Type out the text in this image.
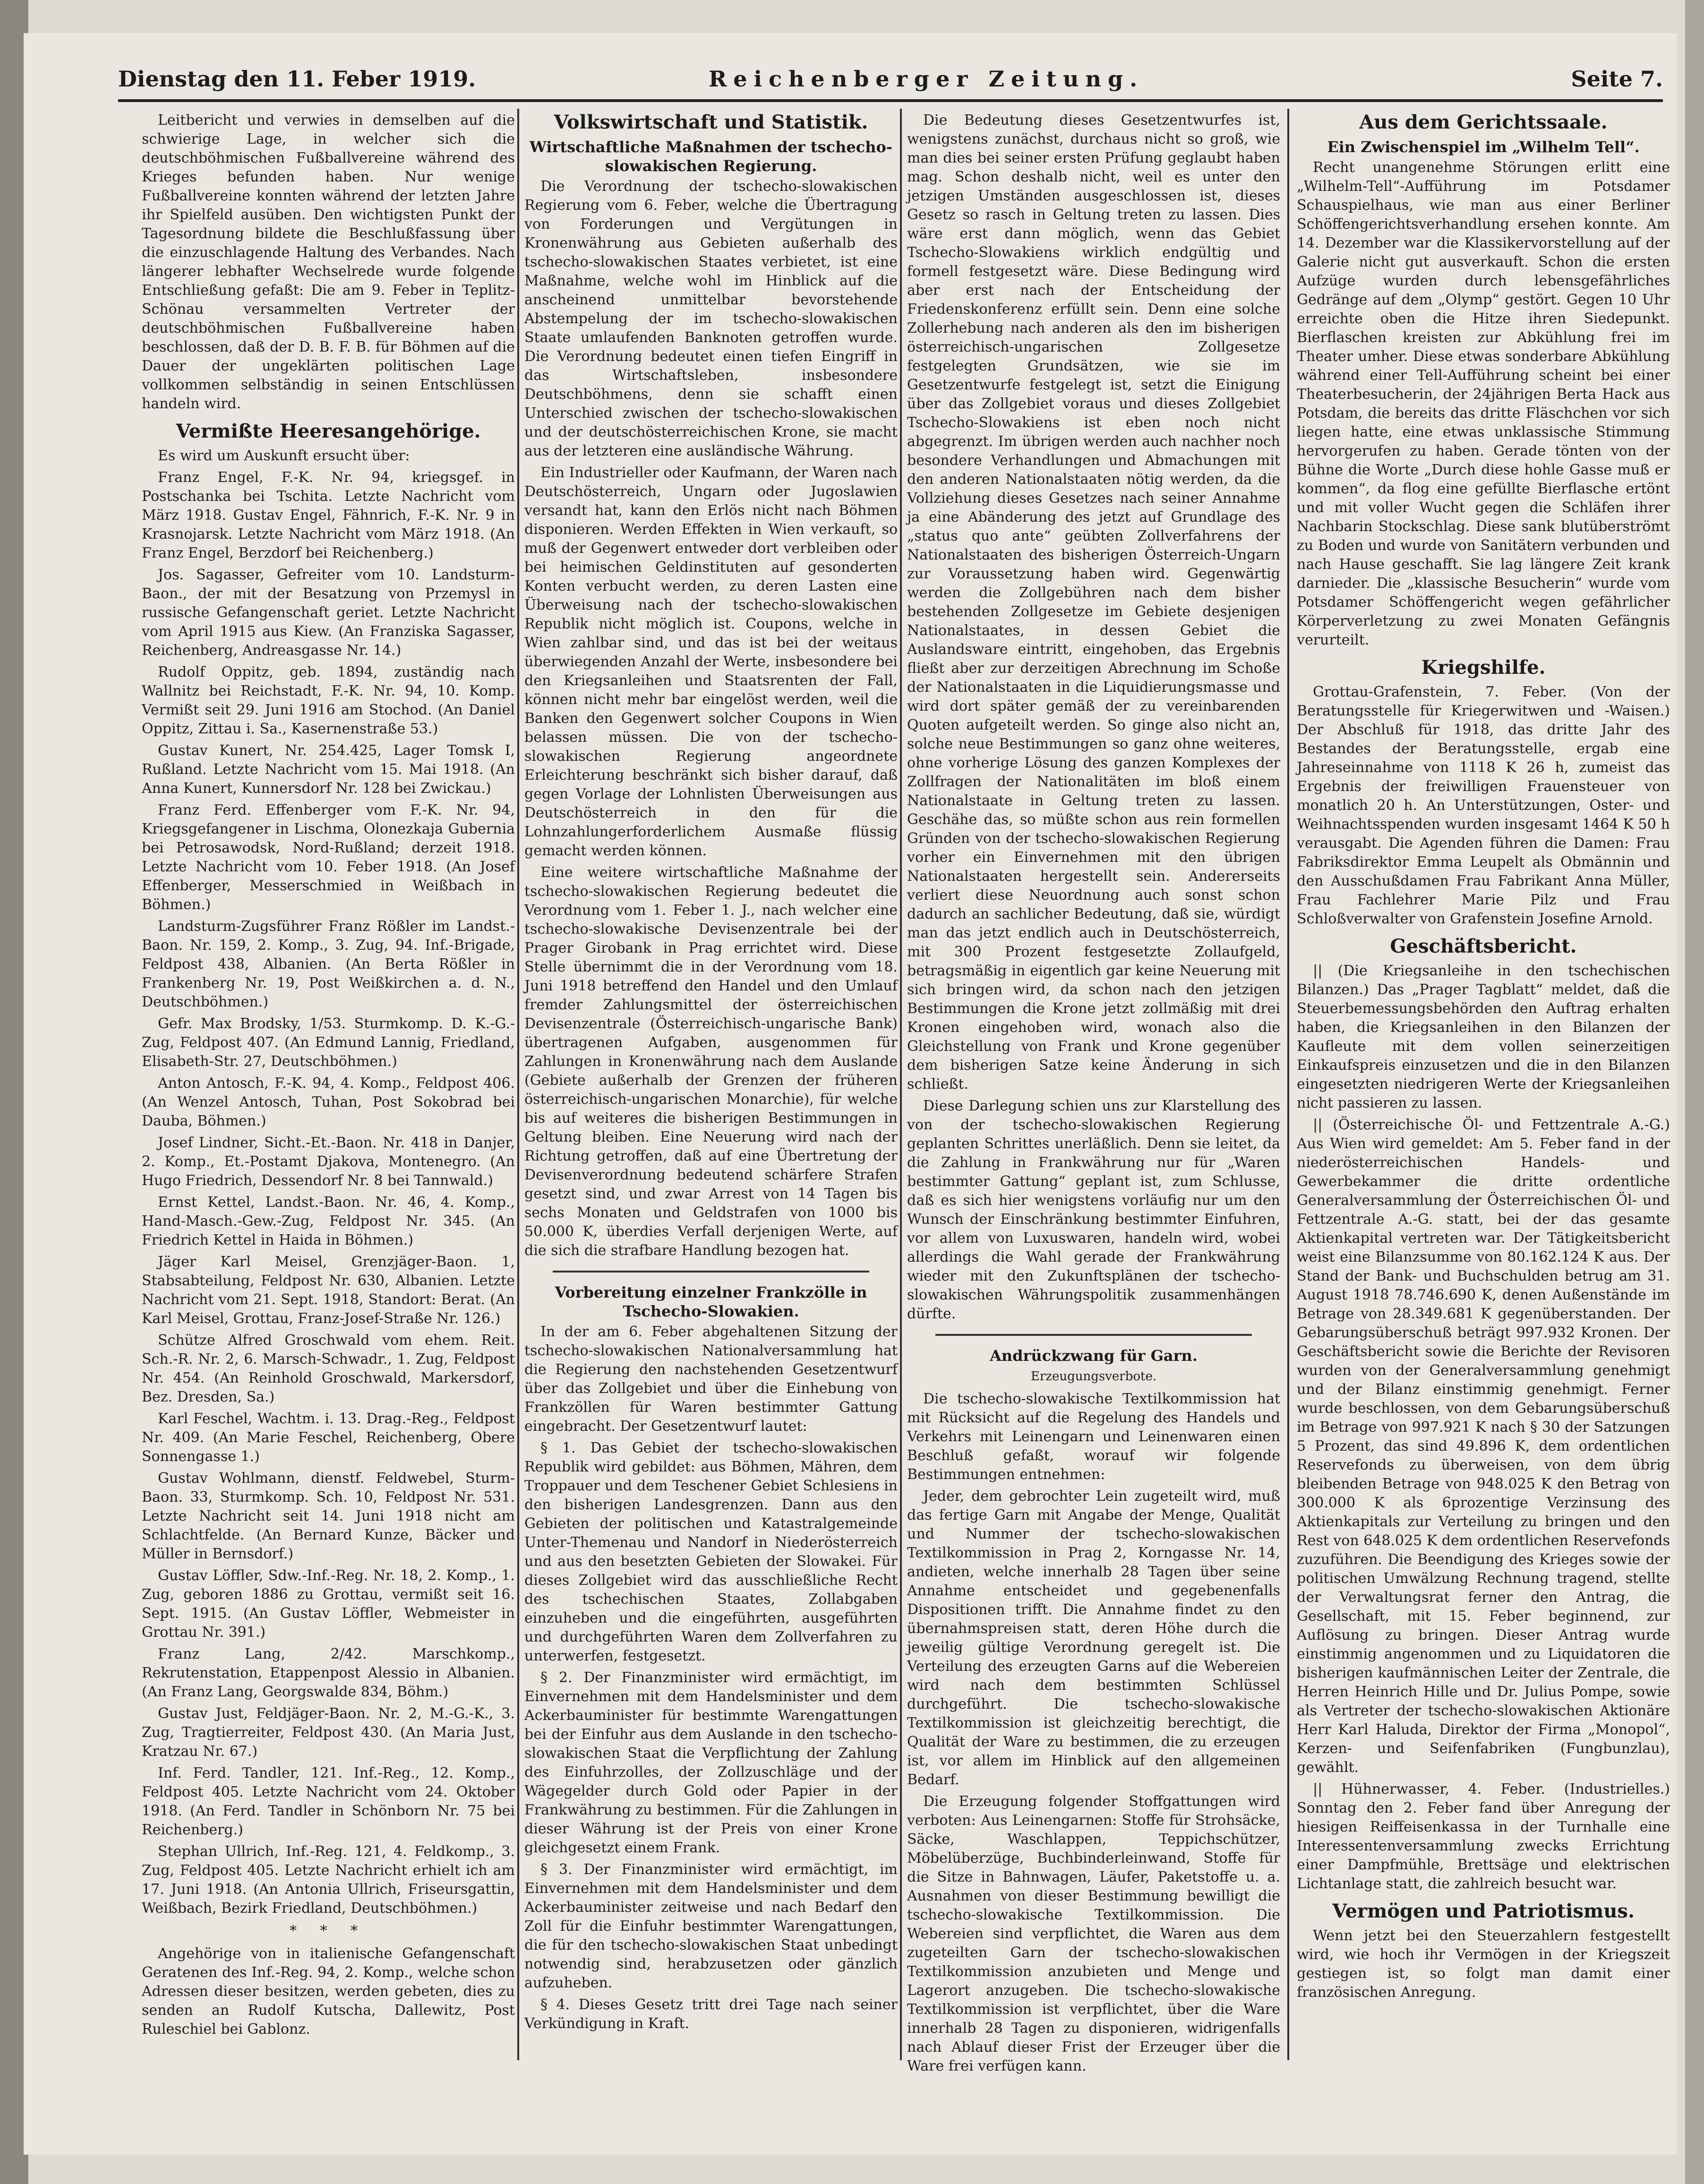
Dienstag den 11. Feber 1919.	Reichenberger Zeitung.	Seite 7.

Leitbericht und verwies in demselben auf die schwierige Lage, in welcher sich die deutschböhmischen Fußballvereine während des Krieges befunden haben. Nur wenige Fußballvereine konnten während der letzten Jahre ihr Spielfeld ausüben. Den wichtigsten Punkt der Tagesordnung bildete die Beschlußfassung über die einzuschlagende Haltung des Verbandes. Nach längerer lebhafter Wechselrede wurde folgende Entschließung gefaßt: Die am 9. Feber in Teplitz-Schönau versammelten Vertreter der deutschböhmischen Fußballvereine haben beschlossen, daß der D. B. F. B. für Böhmen auf die Dauer der ungeklärten politischen Lage vollkommen selbständig in seinen Entschlüssen handeln wird.

Vermißte Heeresangehörige.

Es wird um Auskunft ersucht über:

Franz Engel, F.-K. Nr. 94, kriegsgef. in Postschanka bei Tschita. Letzte Nachricht vom März 1918. Gustav Engel, Fähnrich, F.-K. Nr. 9 in Krasnojarsk. Letzte Nachricht vom März 1918. (An Franz Engel, Berzdorf bei Reichenberg.)

Jos. Sagasser, Gefreiter vom 10. Landsturm-Baon., der mit der Besatzung von Przemysl in russische Gefangenschaft geriet. Letzte Nachricht vom April 1915 aus Kiew. (An Franziska Sagasser, Reichenberg, Andreasgasse Nr. 14.)

Rudolf Oppitz, geb. 1894, zuständig nach Wallnitz bei Reichstadt, F.-K. Nr. 94, 10. Komp. Vermißt seit 29. Juni 1916 am Stochod. (An Daniel Oppitz, Zittau i. Sa., Kasernenstraße 53.)

Gustav Kunert, Nr. 254.425, Lager Tomsk I, Rußland. Letzte Nachricht vom 15. Mai 1918. (An Anna Kunert, Kunnersdorf Nr. 128 bei Zwickau.)

Franz Ferd. Effenberger vom F.-K. Nr. 94, Kriegsgefangener in Lischma, Olonezkaja Gubernia bei Petrosawodsk, Nord-Rußland; derzeit 1918. Letzte Nachricht vom 10. Feber 1918. (An Josef Effenberger, Messerschmied in Weißbach in Böhmen.)

Landsturm-Zugsführer Franz Rößler im Landst.-Baon. Nr. 159, 2. Komp., 3. Zug, 94. Inf.-Brigade, Feldpost 438, Albanien. (An Berta Rößler in Frankenberg Nr. 19, Post Weißkirchen a. d. N., Deutschböhmen.)

Gefr. Max Brodsky, 1/53. Sturmkomp. D. K.-G.-Zug, Feldpost 407. (An Edmund Lannig, Friedland, Elisabeth-Str. 27, Deutschböhmen.)

Anton Antosch, F.-K. 94, 4. Komp., Feldpost 406. (An Wenzel Antosch, Tuhan, Post Sokobrad bei Dauba, Böhmen.)

Josef Lindner, Sicht.-Et.-Baon. Nr. 418 in Danjer, 2. Komp., Et.-Postamt Djakova, Montenegro. (An Hugo Friedrich, Dessendorf Nr. 8 bei Tannwald.)

Ernst Kettel, Landst.-Baon. Nr. 46, 4. Komp., Hand-Masch.-Gew.-Zug, Feldpost Nr. 345. (An Friedrich Kettel in Haida in Böhmen.)

Jäger Karl Meisel, Grenzjäger-Baon. 1, Stabsabteilung, Feldpost Nr. 630, Albanien. Letzte Nachricht vom 21. Sept. 1918, Standort: Berat. (An Karl Meisel, Grottau, Franz-Josef-Straße Nr. 126.)

Schütze Alfred Groschwald vom ehem. Reit. Sch.-R. Nr. 2, 6. Marsch-Schwadr., 1. Zug, Feldpost Nr. 454. (An Reinhold Groschwald, Markersdorf, Bez. Dresden, Sa.)

Karl Feschel, Wachtm. i. 13. Drag.-Reg., Feldpost Nr. 409. (An Marie Feschel, Reichenberg, Obere Sonnengasse 1.)

Gustav Wohlmann, dienstf. Feldwebel, Sturm-Baon. 33, Sturmkomp. Sch. 10, Feldpost Nr. 531. Letzte Nachricht seit 14. Juni 1918 nicht am Schlachtfelde. (An Bernard Kunze, Bäcker und Müller in Bernsdorf.)

Gustav Löffler, Sdw.-Inf.-Reg. Nr. 18, 2. Komp., 1. Zug, geboren 1886 zu Grottau, vermißt seit 16. Sept. 1915. (An Gustav Löffler, Webmeister in Grottau Nr. 391.)

Franz Lang, 2/42. Marschkomp., Rekrutenstation, Etappenpost Alessio in Albanien. (An Franz Lang, Georgswalde 834, Böhm.)

Gustav Just, Feldjäger-Baon. Nr. 2, M.-G.-K., 3. Zug, Tragtierreiter, Feldpost 430. (An Maria Just, Kratzau Nr. 67.)

Inf. Ferd. Tandler, 121. Inf.-Reg., 12. Komp., Feldpost 405. Letzte Nachricht vom 24. Oktober 1918. (An Ferd. Tandler in Schönborn Nr. 75 bei Reichenberg.)

Stephan Ullrich, Inf.-Reg. 121, 4. Feldkomp., 3. Zug, Feldpost 405. Letzte Nachricht erhielt ich am 17. Juni 1918. (An Antonia Ullrich, Friseursgattin, Weißbach, Bezirk Friedland, Deutschböhmen.)

* * *

Angehörige von in italienische Gefangenschaft Geratenen des Inf.-Reg. 94, 2. Komp., welche schon Adressen dieser besitzen, werden gebeten, dies zu senden an Rudolf Kutscha, Dallewitz, Post Ruleschiel bei Gablonz.

Volkswirtschaft und Statistik.
Wirtschaftliche Maßnahmen der tschecho-slowakischen Regierung.

Die Verordnung der tschecho-slowakischen Regierung vom 6. Feber, welche die Übertragung von Forderungen und Vergütungen in Kronenwährung aus Gebieten außerhalb des tschecho-slowakischen Staates verbietet, ist eine Maßnahme, welche wohl im Hinblick auf die anscheinend unmittelbar bevorstehende Abstempelung der im tschecho-slowakischen Staate umlaufenden Banknoten getroffen wurde. Die Verordnung bedeutet einen tiefen Eingriff in das Wirtschaftsleben, insbesondere Deutschböhmens, denn sie schafft einen Unterschied zwischen der tschecho-slowakischen und der deutschösterreichischen Krone, sie macht aus der letzteren eine ausländische Währung.

Ein Industrieller oder Kaufmann, der Waren nach Deutschösterreich, Ungarn oder Jugoslawien versandt hat, kann den Erlös nicht nach Böhmen disponieren. Werden Effekten in Wien verkauft, so muß der Gegenwert entweder dort verbleiben oder bei heimischen Geldinstituten auf gesonderten Konten verbucht werden, zu deren Lasten eine Überweisung nach der tschecho-slowakischen Republik nicht möglich ist. Coupons, welche in Wien zahlbar sind, und das ist bei der weitaus überwiegenden Anzahl der Werte, insbesondere bei den Kriegsanleihen und Staatsrenten der Fall, können nicht mehr bar eingelöst werden, weil die Banken den Gegenwert solcher Coupons in Wien belassen müssen. Die von der tschecho-slowakischen Regierung angeordnete Erleichterung beschränkt sich bisher darauf, daß gegen Vorlage der Lohnlisten Überweisungen aus Deutschösterreich in den für die Lohnzahlungerforderlichem Ausmaße flüssig gemacht werden können.

Eine weitere wirtschaftliche Maßnahme der tschecho-slowakischen Regierung bedeutet die Verordnung vom 1. Feber 1. J., nach welcher eine tschecho-slowakische Devisenzentrale bei der Prager Girobank in Prag errichtet wird. Diese Stelle übernimmt die in der Verordnung vom 18. Juni 1918 betreffend den Handel und den Umlauf fremder Zahlungsmittel der österreichischen Devisenzentrale (Österreichisch-ungarische Bank) übertragenen Aufgaben, ausgenommen für Zahlungen in Kronenwährung nach dem Auslande (Gebiete außerhalb der Grenzen der früheren österreichisch-ungarischen Monarchie), für welche bis auf weiteres die bisherigen Bestimmungen in Geltung bleiben. Eine Neuerung wird nach der Richtung getroffen, daß auf eine Übertretung der Devisenverordnung bedeutend schärfere Strafen gesetzt sind, und zwar Arrest von 14 Tagen bis sechs Monaten und Geldstrafen von 1000 bis 50.000 K, überdies Verfall derjenigen Werte, auf die sich die strafbare Handlung bezogen hat.

Vorbereitung einzelner Frankzölle in Tschecho-Slowakien.

In der am 6. Feber abgehaltenen Sitzung der tschecho-slowakischen Nationalversammlung hat die Regierung den nachstehenden Gesetzentwurf über das Zollgebiet und über die Einhebung von Frankzöllen für Waren bestimmter Gattung eingebracht. Der Gesetzentwurf lautet:

§ 1. Das Gebiet der tschecho-slowakischen Republik wird gebildet: aus Böhmen, Mähren, dem Troppauer und dem Teschener Gebiet Schlesiens in den bisherigen Landesgrenzen. Dann aus den Gebieten der politischen und Katastralgemeinde Unter-Themenau und Nandorf in Niederösterreich und aus den besetzten Gebieten der Slowakei. Für dieses Zollgebiet wird das ausschließliche Recht des tschechischen Staates, Zollabgaben einzuheben und die eingeführten, ausgeführten und durchgeführten Waren dem Zollverfahren zu unterwerfen, festgesetzt.

§ 2. Der Finanzminister wird ermächtigt, im Einvernehmen mit dem Handelsminister und dem Ackerbauminister für bestimmte Warengattungen bei der Einfuhr aus dem Auslande in den tschecho-slowakischen Staat die Verpflichtung der Zahlung des Einfuhrzolles, der Zollzuschläge und der Wägegelder durch Gold oder Papier in der Frankwährung zu bestimmen. Für die Zahlungen in dieser Währung ist der Preis von einer Krone gleichgesetzt einem Frank.

§ 3. Der Finanzminister wird ermächtigt, im Einvernehmen mit dem Handelsminister und dem Ackerbauminister zeitweise und nach Bedarf den Zoll für die Einfuhr bestimmter Warengattungen, die für den tschecho-slowakischen Staat unbedingt notwendig sind, herabzusetzen oder gänzlich aufzuheben.

§ 4. Dieses Gesetz tritt drei Tage nach seiner Verkündigung in Kraft.

Die Bedeutung dieses Gesetzentwurfes ist, wenigstens zunächst, durchaus nicht so groß, wie man dies bei seiner ersten Prüfung geglaubt haben mag. Schon deshalb nicht, weil es unter den jetzigen Umständen ausgeschlossen ist, dieses Gesetz so rasch in Geltung treten zu lassen. Dies wäre erst dann möglich, wenn das Gebiet Tschecho-Slowakiens wirklich endgültig und formell festgesetzt wäre. Diese Bedingung wird aber erst nach der Entscheidung der Friedenskonferenz erfüllt sein. Denn eine solche Zollerhebung nach anderen als den im bisherigen österreichisch-ungarischen Zollgesetze festgelegten Grundsätzen, wie sie im Gesetzentwurfe festgelegt ist, setzt die Einigung über das Zollgebiet voraus und dieses Zollgebiet Tschecho-Slowakiens ist eben noch nicht abgegrenzt. Im übrigen werden auch nachher noch besondere Verhandlungen und Abmachungen mit den anderen Nationalstaaten nötig werden, da die Vollziehung dieses Gesetzes nach seiner Annahme ja eine Abänderung des jetzt auf Grundlage des „status quo ante“ geübten Zollverfahrens der Nationalstaaten des bisherigen Österreich-Ungarn zur Voraussetzung haben wird. Gegenwärtig werden die Zollgebühren nach dem bisher bestehenden Zollgesetze im Gebiete desjenigen Nationalstaates, in dessen Gebiet die Auslandsware eintritt, eingehoben, das Ergebnis fließt aber zur derzeitigen Abrechnung im Schoße der Nationalstaaten in die Liquidierungsmasse und wird dort später gemäß der zu vereinbarenden Quoten aufgeteilt werden. So ginge also nicht an, solche neue Bestimmungen so ganz ohne weiteres, ohne vorherige Lösung des ganzen Komplexes der Zollfragen der Nationalitäten im bloß einem Nationalstaate in Geltung treten zu lassen. Geschähe das, so müßte schon aus rein formellen Gründen von der tschecho-slowakischen Regierung vorher ein Einvernehmen mit den übrigen Nationalstaaten hergestellt sein. Andererseits verliert diese Neuordnung auch sonst schon dadurch an sachlicher Bedeutung, daß sie, würdigt man das jetzt endlich auch in Deutschösterreich, mit 300 Prozent festgesetzte Zollaufgeld, betragsmäßig in eigentlich gar keine Neuerung mit sich bringen wird, da schon nach den jetzigen Bestimmungen die Krone jetzt zollmäßig mit drei Kronen eingehoben wird, wonach also die Gleichstellung von Frank und Krone gegenüber dem bisherigen Satze keine Änderung in sich schließt.

Diese Darlegung schien uns zur Klarstellung des von der tschecho-slowakischen Regierung geplanten Schrittes unerläßlich. Denn sie leitet, da die Zahlung in Frankwährung nur für „Waren bestimmter Gattung“ geplant ist, zum Schlusse, daß es sich hier wenigstens vorläufig nur um den Wunsch der Einschränkung bestimmter Einfuhren, vor allem von Luxuswaren, handeln wird, wobei allerdings die Wahl gerade der Frankwährung wieder mit den Zukunftsplänen der tschecho-slowakischen Währungspolitik zusammenhängen dürfte.

Andrückzwang für Garn.
Erzeugungsverbote.

Die tschecho-slowakische Textilkommission hat mit Rücksicht auf die Regelung des Handels und Verkehrs mit Leinengarn und Leinenwaren einen Beschluß gefaßt, worauf wir folgende Bestimmungen entnehmen:

Jeder, dem gebrochter Lein zugeteilt wird, muß das fertige Garn mit Angabe der Menge, Qualität und Nummer der tschecho-slowakischen Textilkommission in Prag 2, Korngasse Nr. 14, andieten, welche innerhalb 28 Tagen über seine Annahme entscheidet und gegebenenfalls Dispositionen trifft. Die Annahme findet zu den übernahmspreisen statt, deren Höhe durch die jeweilig gültige Verordnung geregelt ist. Die Verteilung des erzeugten Garns auf die Webereien wird nach dem bestimmten Schlüssel durchgeführt. Die tschecho-slowakische Textilkommission ist gleichzeitig berechtigt, die Qualität der Ware zu bestimmen, die zu erzeugen ist, vor allem im Hinblick auf den allgemeinen Bedarf.

Die Erzeugung folgender Stoffgattungen wird verboten: Aus Leinengarnen: Stoffe für Strohsäcke, Säcke, Waschlappen, Teppichschützer, Möbelüberzüge, Buchbinderleinwand, Stoffe für die Sitze in Bahnwagen, Läufer, Paketstoffe u. a. Ausnahmen von dieser Bestimmung bewilligt die tschecho-slowakische Textilkommission. Die Webereien sind verpflichtet, die Waren aus dem zugeteilten Garn der tschecho-slowakischen Textilkommission anzubieten und Menge und Lagerort anzugeben. Die tschecho-slowakische Textilkommission ist verpflichtet, über die Ware innerhalb 28 Tagen zu disponieren, widrigenfalls nach Ablauf dieser Frist der Erzeuger über die Ware frei verfügen kann.

Aus dem Gerichtssaale.
Ein Zwischenspiel im „Wilhelm Tell“.

Recht unangenehme Störungen erlitt eine „Wilhelm-Tell“-Aufführung im Potsdamer Schauspielhaus, wie man aus einer Berliner Schöffengerichtsverhandlung ersehen konnte. Am 14. Dezember war die Klassikervorstellung auf der Galerie nicht gut ausverkauft. Schon die ersten Aufzüge wurden durch lebensgefährliches Gedränge auf dem „Olymp“ gestört. Gegen 10 Uhr erreichte oben die Hitze ihren Siedepunkt. Bierflaschen kreisten zur Abkühlung frei im Theater umher. Diese etwas sonderbare Abkühlung während einer Tell-Aufführung scheint bei einer Theaterbesucherin, der 24jährigen Berta Hack aus Potsdam, die bereits das dritte Fläschchen vor sich liegen hatte, eine etwas unklassische Stimmung hervorgerufen zu haben. Gerade tönten von der Bühne die Worte „Durch diese hohle Gasse muß er kommen“, da flog eine gefüllte Bierflasche ertönt und mit voller Wucht gegen die Schläfen ihrer Nachbarin Stockschlag. Diese sank blutüberströmt zu Boden und wurde von Sanitätern verbunden und nach Hause geschafft. Sie lag längere Zeit krank darnieder. Die „klassische Besucherin“ wurde vom Potsdamer Schöffengericht wegen gefährlicher Körperverletzung zu zwei Monaten Gefängnis verurteilt.

Kriegshilfe.

Grottau-Grafenstein, 7. Feber. (Von der Beratungsstelle für Kriegerwitwen und -Waisen.) Der Abschluß für 1918, das dritte Jahr des Bestandes der Beratungsstelle, ergab eine Jahreseinnahme von 1118 K 26 h, zumeist das Ergebnis der freiwilligen Frauensteuer von monatlich 20 h. An Unterstützungen, Oster- und Weihnachtsspenden wurden insgesamt 1464 K 50 h verausgabt. Die Agenden führen die Damen: Frau Fabriksdirektor Emma Leupelt als Obmännin und den Ausschußdamen Frau Fabrikant Anna Müller, Frau Fachlehrer Marie Pilz und Frau Schloßverwalter von Grafenstein Josefine Arnold.

Geschäftsbericht.

|| (Die Kriegsanleihe in den tschechischen Bilanzen.) Das „Prager Tagblatt“ meldet, daß die Steuerbemessungsbehörden den Auftrag erhalten haben, die Kriegsanleihen in den Bilanzen der Kaufleute mit dem vollen seinerzeitigen Einkaufspreis einzusetzen und die in den Bilanzen eingesetzten niedrigeren Werte der Kriegsanleihen nicht passieren zu lassen.

|| (Österreichische Öl- und Fettzentrale A.-G.) Aus Wien wird gemeldet: Am 5. Feber fand in der niederösterreichischen Handels- und Gewerbekammer die dritte ordentliche Generalversammlung der Österreichischen Öl- und Fettzentrale A.-G. statt, bei der das gesamte Aktienkapital vertreten war. Der Tätigkeitsbericht weist eine Bilanzsumme von 80.162.124 K aus. Der Stand der Bank- und Buchschulden betrug am 31. August 1918 78.746.690 K, denen Außenstände im Betrage von 28.349.681 K gegenüberstanden. Der Gebarungsüberschuß beträgt 997.932 Kronen. Der Geschäftsbericht sowie die Berichte der Revisoren wurden von der Generalversammlung genehmigt und der Bilanz einstimmig genehmigt. Ferner wurde beschlossen, von dem Gebarungsüberschuß im Betrage von 997.921 K nach § 30 der Satzungen 5 Prozent, das sind 49.896 K, dem ordentlichen Reservefonds zu überweisen, von dem übrig bleibenden Betrage von 948.025 K den Betrag von 300.000 K als 6prozentige Verzinsung des Aktienkapitals zur Verteilung zu bringen und den Rest von 648.025 K dem ordentlichen Reservefonds zuzuführen. Die Beendigung des Krieges sowie der politischen Umwälzung Rechnung tragend, stellte der Verwaltungsrat ferner den Antrag, die Gesellschaft, mit 15. Feber beginnend, zur Auflösung zu bringen. Dieser Antrag wurde einstimmig angenommen und zu Liquidatoren die bisherigen kaufmännischen Leiter der Zentrale, die Herren Heinrich Hille und Dr. Julius Pompe, sowie als Vertreter der tschecho-slowakischen Aktionäre Herr Karl Haluda, Direktor der Firma „Monopol“, Kerzen- und Seifenfabriken (Fungbunzlau), gewählt.

|| Hühnerwasser, 4. Feber. (Industrielles.) Sonntag den 2. Feber fand über Anregung der hiesigen Reiffeisenkassa in der Turnhalle eine Interessentenversammlung zwecks Errichtung einer Dampfmühle, Brettsäge und elektrischen Lichtanlage statt, die zahlreich besucht war.

Vermögen und Patriotismus.

Wenn jetzt bei den Steuerzahlern festgestellt wird, wie hoch ihr Vermögen in der Kriegszeit gestiegen ist, so folgt man damit einer französischen Anregung.
